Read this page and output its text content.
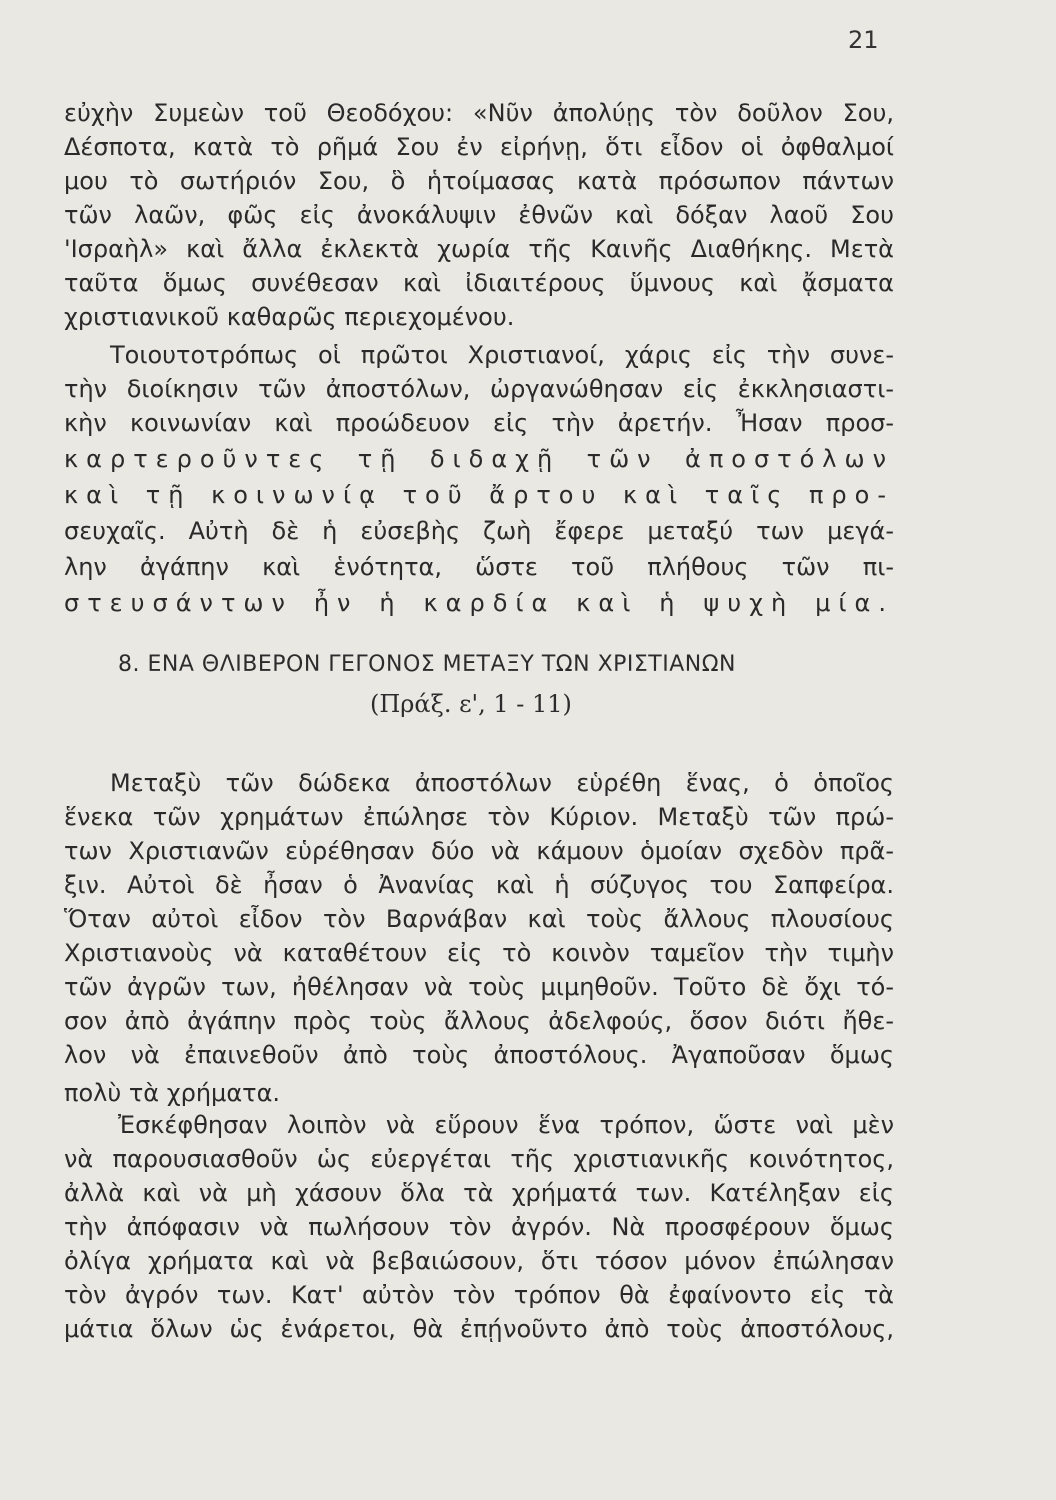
21
εὐχὴν Συμεὼν τοῦ Θεοδόχου: «Νῦν ἀπολύῃς τὸν δοῦλον Σου,
Δέσποτα, κατὰ τὸ ρῆμά Σου ἐν εἰρήνῃ, ὅτι εἶδον οἱ ὀφθαλμοί
μου τὸ σωτήριόν Σου, ὃ ἡτοίμασας κατὰ πρόσωπον πάντων
τῶν λαῶν, φῶς εἰς ἀνοκάλυψιν ἐθνῶν καὶ δόξαν λαοῦ Σου
'Ισραὴλ» καὶ ἄλλα ἐκλεκτὰ χωρία τῆς Καινῆς Διαθήκης. Μετὰ
ταῦτα ὅμως συνέθεσαν καὶ ἰδιαιτέρους ὕμνους καὶ ᾄσματα
χριστιανικοῦ καθαρῶς περιεχομένου.
Τοιουτοτρόπως οἱ πρῶτοι Χριστιανοί, χάρις εἰς τὴν συνε-
τὴν διοίκησιν τῶν ἀποστόλων, ὠργανώθησαν εἰς ἐκκλησιαστι-
κὴν κοινωνίαν καὶ προώδευον εἰς τὴν ἀρετήν. Ἦσαν προσ-
καρτεροῦντες τῇ διδαχῇ τῶν ἀποστόλων
καὶ τῇ κοινωνίᾳ τοῦ ἄρτου καὶ ταῖς προ-
σευχαῖς. Αὐτὴ δὲ ἡ εὐσεβὴς ζωὴ ἔφερε μεταξύ των μεγά-
λην ἀγάπην καὶ ἑνότητα, ὥστε τοῦ πλήθους τῶν πι-
στευσάντων ἦν ἡ καρδία καὶ ἡ ψυχὴ μία.
8. ΕΝΑ ΘΛΙΒΕΡΟΝ ΓΕΓΟΝΟΣ ΜΕΤΑΞΥ ΤΩΝ ΧΡΙΣΤΙΑΝΩΝ
(Πράξ. ε', 1 - 11)
Μεταξὺ τῶν δώδεκα ἀποστόλων εὑρέθη ἕνας, ὁ ὁποῖος
ἕνεκα τῶν χρημάτων ἐπώλησε τὸν Κύριον. Μεταξὺ τῶν πρώ-
των Χριστιανῶν εὑρέθησαν δύο νὰ κάμουν ὁμοίαν σχεδὸν πρᾶ-
ξιν. Αὐτοὶ δὲ ἦσαν ὁ Ἀνανίας καὶ ἡ σύζυγος του Σαπφείρα.
Ὅταν αὐτοὶ εἶδον τὸν Βαρνάβαν καὶ τοὺς ἄλλους πλουσίους
Χριστιανοὺς νὰ καταθέτουν εἰς τὸ κοινὸν ταμεῖον τὴν τιμὴν
τῶν ἀγρῶν των, ἠθέλησαν νὰ τοὺς μιμηθοῦν. Τοῦτο δὲ ὄχι τό-
σον ἀπὸ ἀγάπην πρὸς τοὺς ἄλλους ἀδελφούς, ὅσον διότι ἤθε-
λον νὰ ἐπαινεθοῦν ἀπὸ τοὺς ἀποστόλους. Ἀγαποῦσαν ὅμως
πολὺ τὰ χρήματα.
Ἐσκέφθησαν λοιπὸν νὰ εὕρουν ἕνα τρόπον, ὥστε ναὶ μὲν
νὰ παρουσιασθοῦν ὡς εὐεργέται τῆς χριστιανικῆς κοινότητος,
ἀλλὰ καὶ νὰ μὴ χάσουν ὅλα τὰ χρήματά των. Κατέληξαν εἰς
τὴν ἀπόφασιν νὰ πωλήσουν τὸν ἀγρόν. Νὰ προσφέρουν ὅμως
ὀλίγα χρήματα καὶ νὰ βεβαιώσουν, ὅτι τόσον μόνον ἐπώλησαν
τὸν ἀγρόν των. Κατ' αὐτὸν τὸν τρόπον θὰ ἐφαίνοντο εἰς τὰ
μάτια ὅλων ὡς ἐνάρετοι, θὰ ἐπῄνοῦντο ἀπὸ τοὺς ἀποστόλους,
